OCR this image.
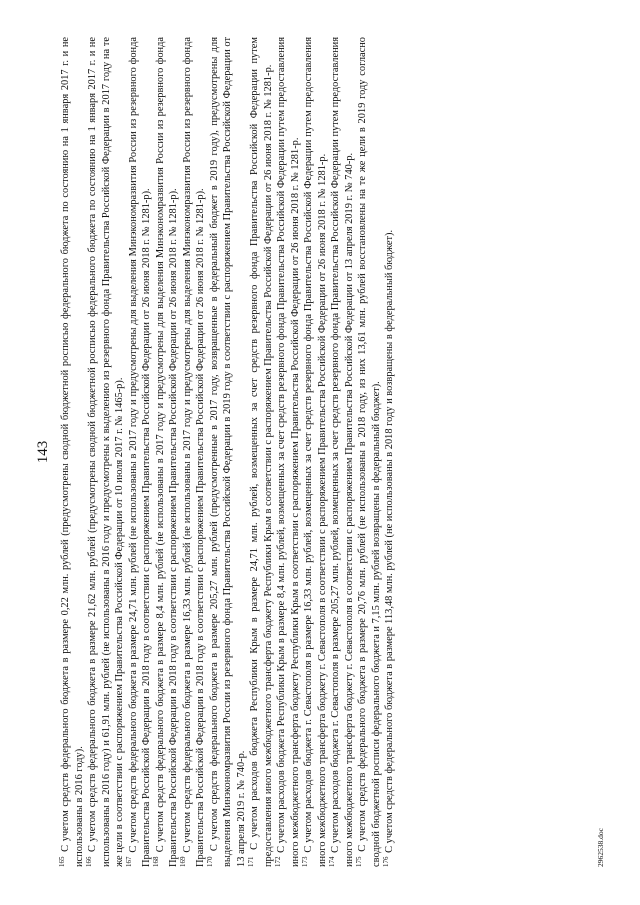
143

$^{165}$ С учетом средств федерального бюджета в размере 0,22 млн. рублей (предусмотрены сводной бюджетной росписью федерального бюджета по состоянию на 1 января 2017 г. и не использованы в 2016 году). $^{166}$ С учетом средств федерального бюджета в размере 21,62 млн. рублей (предусмотрены сводной бюджетной росписью федерального бюджета по состоянию на 1 января 2017 г. и не использованы в 2016 году) и 61,91 млн. рублей (не использованы в 2016 году и предусмотрены к выделению из резервного фонда Правительства Российской Федерации в 2017 году на те же цели в соответствии с распоряжением Правительства Российской Федерации от 10 июля 2017 г. № 1465-р). $^{167}$ С учетом средств федерального бюджета в размере 24,71 млн. рублей (не использованы в 2017 году и предусмотрены для выделения Минэкономразвития России из резервного фонда Правительства Российской Федерации в 2018 году в соответствии с распоряжением Правительства Российской Федерации от 26 июня 2018 г. № 1281-р). $^{168}$ С учетом средств федерального бюджета в размере 8,4 млн. рублей (не использованы в 2017 году и предусмотрены для выделения Минэкономразвития России из резервного фонда Правительства Российской Федерации в 2018 году в соответствии с распоряжением Правительства Российской Федерации от 26 июня 2018 г. № 1281-р). $^{169}$ С учетом средств федерального бюджета в размере 16,33 млн. рублей (не использованы в 2017 году и предусмотрены для выделения Минэкономразвития России из резервного фонда Правительства Российской Федерации в 2018 году в соответствии с распоряжением Правительства Российской Федерации от 26 июня 2018 г. № 1281-р). $^{170}$ С учетом средств федерального бюджета в размере 205,27 млн. рублей (предусмотренные в 2017 году, возвращенные в федеральный бюджет в 2019 году), предусмотрены для выделения Минэкономразвития России из резервного фонда Правительства Российской Федерации в 2019 году в соответствии с распоряжением Правительства Российской Федерации от 13 апреля 2019 г. № 740-р. $^{171}$ С учетом расходов бюджета Республики Крым в размере 24,71 млн. рублей, возмещенных за счет средств резервного фонда Правительства Российской Федерации путем предоставления иного межбюджетного трансферта бюджету Республики Крым в соответствии с распоряжением Правительства Российской Федерации от 26 июня 2018 г. № 1281-р. $^{172}$ С учетом расходов бюджета Республики Крым в размере 8,4 млн. рублей, возмещенных за счет средств резервного фонда Правительства Российской Федерации путем предоставления иного межбюджетного трансферта бюджету Республики Крым в соответствии с распоряжением Правительства Российской Федерации от 26 июня 2018 г. № 1281-р. $^{173}$ С учетом расходов бюджета г. Севастополя в размере 16,33 млн. рублей, возмещенных за счет средств резервного фонда Правительства Российской Федерации путем предоставления иного межбюджетного трансферта бюджету г. Севастополя в соответствии с распоряжением Правительства Российской Федерации от 26 июня 2018 г. № 1281-р. $^{174}$ С учетом расходов бюджета г. Севастополя в размере 205,27 млн. рублей, возмещенных за счет средств резервного фонда Правительства Российской Федерации путем предоставления иного межбюджетного трансферта бюджету г. Севастополя в соответствии с распоряжением Правительства Российской Федерации от 13 апреля 2019 г. № 740-р. $^{175}$ С учетом средств федерального бюджета в размере 20,76 млн. рублей (не использованы в 2018 году, из них 13,61 млн. рублей восстановлены на те же цели в 2019 году согласно сводной бюджетной росписи федерального бюджета и 7,15 млн. рублей возвращены в федеральный бюджет). $^{176}$ С учетом средств федерального бюджета в размере 113,48 млн. рублей (не использованы в 2018 году и возвращены в федеральный бюджет).	2962538.doc
